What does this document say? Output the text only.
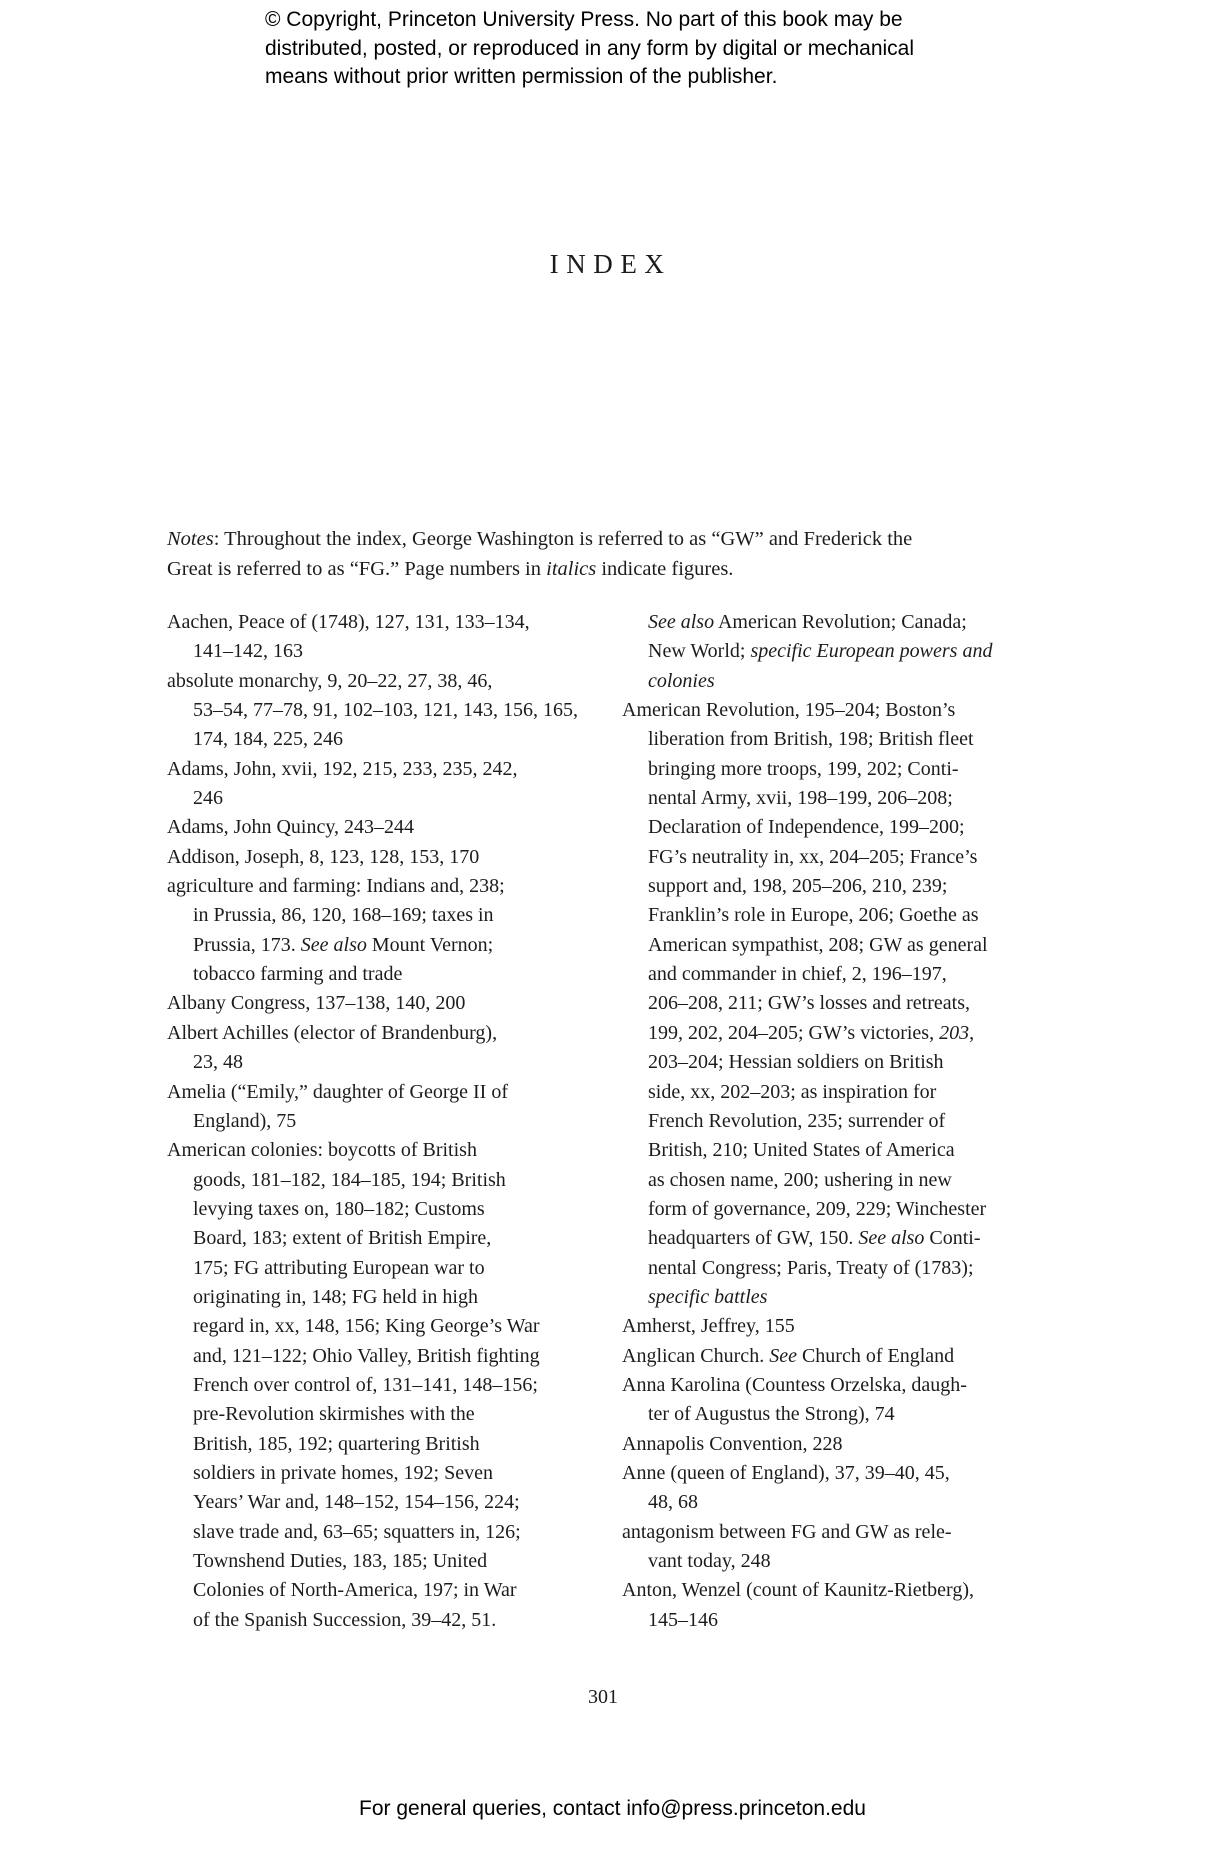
© Copyright, Princeton University Press. No part of this book may be
distributed, posted, or reproduced in any form by digital or mechanical
means without prior written permission of the publisher.
INDEX
Notes: Throughout the index, George Washington is referred to as “GW” and Frederick the
Great is referred to as “FG.” Page numbers in italics indicate figures.
Aachen, Peace of (1748), 127, 131, 133–134,
141–142, 163
absolute monarchy, 9, 20–22, 27, 38, 46,
53–54, 77–78, 91, 102–103, 121, 143, 156, 165,
174, 184, 225, 246
Adams, John, xvii, 192, 215, 233, 235, 242,
246
Adams, John Quincy, 243–244
Addison, Joseph, 8, 123, 128, 153, 170
agriculture and farming: Indians and, 238;
in Prussia, 86, 120, 168–169; taxes in
Prussia, 173. See also Mount Vernon;
tobacco farming and trade
Albany Congress, 137–138, 140, 200
Albert Achilles (elector of Brandenburg),
23, 48
Amelia (“Emily,” daughter of George II of
England), 75
American colonies: boycotts of British
goods, 181–182, 184–185, 194; British
levying taxes on, 180–182; Customs
Board, 183; extent of British Empire,
175; FG attributing European war to
originating in, 148; FG held in high
regard in, xx, 148, 156; King George’s War
and, 121–122; Ohio Valley, British fighting
French over control of, 131–141, 148–156;
pre-Revolution skirmishes with the
British, 185, 192; quartering British
soldiers in private homes, 192; Seven
Years’ War and, 148–152, 154–156, 224;
slave trade and, 63–65; squatters in, 126;
Townshend Duties, 183, 185; United
Colonies of North-America, 197; in War
of the Spanish Succession, 39–42, 51.
See also American Revolution; Canada;
New World; specific European powers and
colonies
American Revolution, 195–204; Boston’s
liberation from British, 198; British fleet
bringing more troops, 199, 202; Conti-
nental Army, xvii, 198–199, 206–208;
Declaration of Independence, 199–200;
FG’s neutrality in, xx, 204–205; France’s
support and, 198, 205–206, 210, 239;
Franklin’s role in Europe, 206; Goethe as
American sympathist, 208; GW as general
and commander in chief, 2, 196–197,
206–208, 211; GW’s losses and retreats,
199, 202, 204–205; GW’s victories, 203,
203–204; Hessian soldiers on British
side, xx, 202–203; as inspiration for
French Revolution, 235; surrender of
British, 210; United States of America
as chosen name, 200; ushering in new
form of governance, 209, 229; Winchester
headquarters of GW, 150. See also Conti-
nental Congress; Paris, Treaty of (1783);
specific battles
Amherst, Jeffrey, 155
Anglican Church. See Church of England
Anna Karolina (Countess Orzelska, daugh-
ter of Augustus the Strong), 74
Annapolis Convention, 228
Anne (queen of England), 37, 39–40, 45,
48, 68
antagonism between FG and GW as rele-
vant today, 248
Anton, Wenzel (count of Kaunitz-Rietberg),
145–146
301
For general queries, contact info@press.princeton.edu
